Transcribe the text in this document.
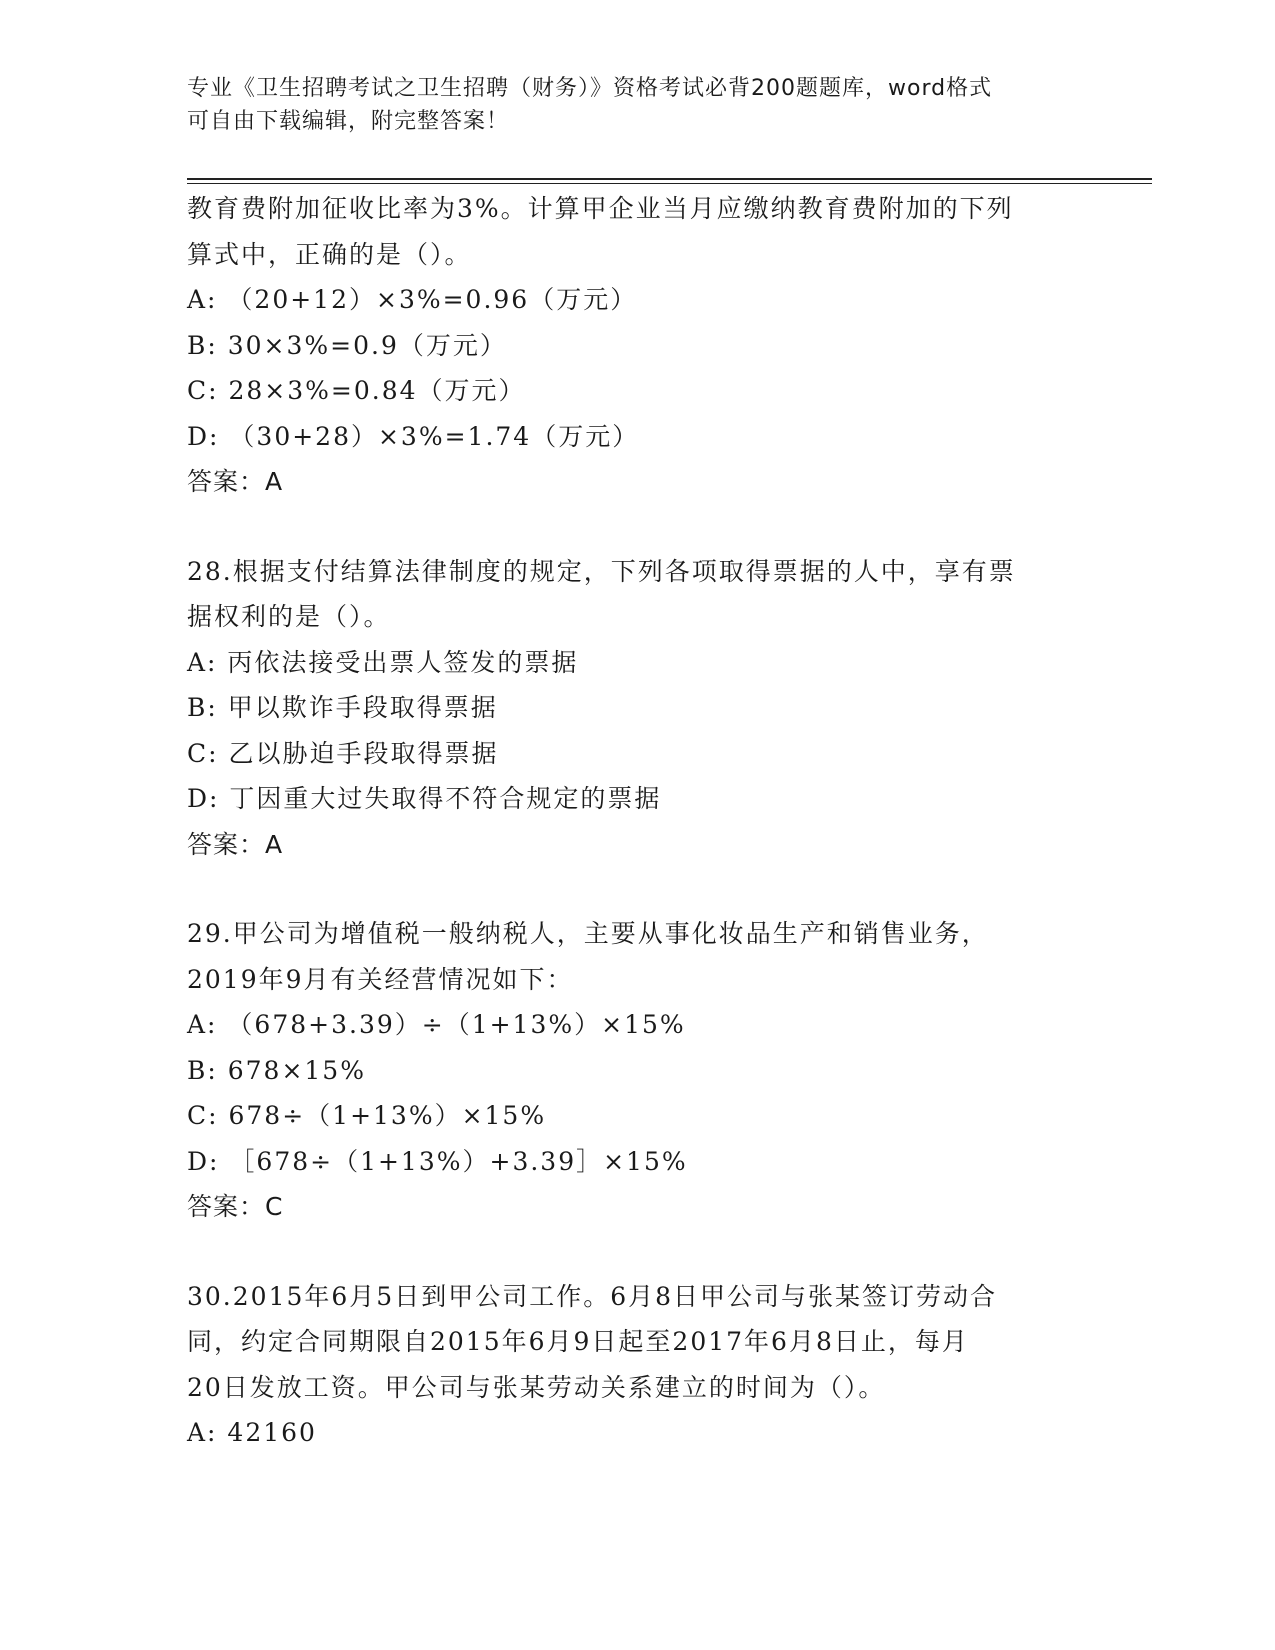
专业《卫生招聘考试之卫生招聘（财务）》资格考试必背200题题库，word格式
可自由下载编辑，附完整答案！
教育费附加征收比率为3%。计算甲企业当月应缴纳教育费附加的下列
算式中，正确的是（）。
A: （20+12）×3%=0.96（万元）
B: 30×3%=0.9（万元）
C: 28×3%=0.84（万元）
D: （30+28）×3%=1.74（万元）
答案：A
28.根据支付结算法律制度的规定，下列各项取得票据的人中，享有票
据权利的是（）。
A: 丙依法接受出票人签发的票据
B: 甲以欺诈手段取得票据
C: 乙以胁迫手段取得票据
D: 丁因重大过失取得不符合规定的票据
答案：A
29.甲公司为增值税一般纳税人，主要从事化妆品生产和销售业务，
2019年9月有关经营情况如下：
A: （678+3.39）÷（1+13%）×15%
B: 678×15%
C: 678÷（1+13%）×15%
D: ［678÷（1+13%）+3.39］×15%
答案：C
30.2015年6月5日到甲公司工作。6月8日甲公司与张某签订劳动合
同，约定合同期限自2015年6月9日起至2017年6月8日止，每月
20日发放工资。甲公司与张某劳动关系建立的时间为（）。
A: 42160
